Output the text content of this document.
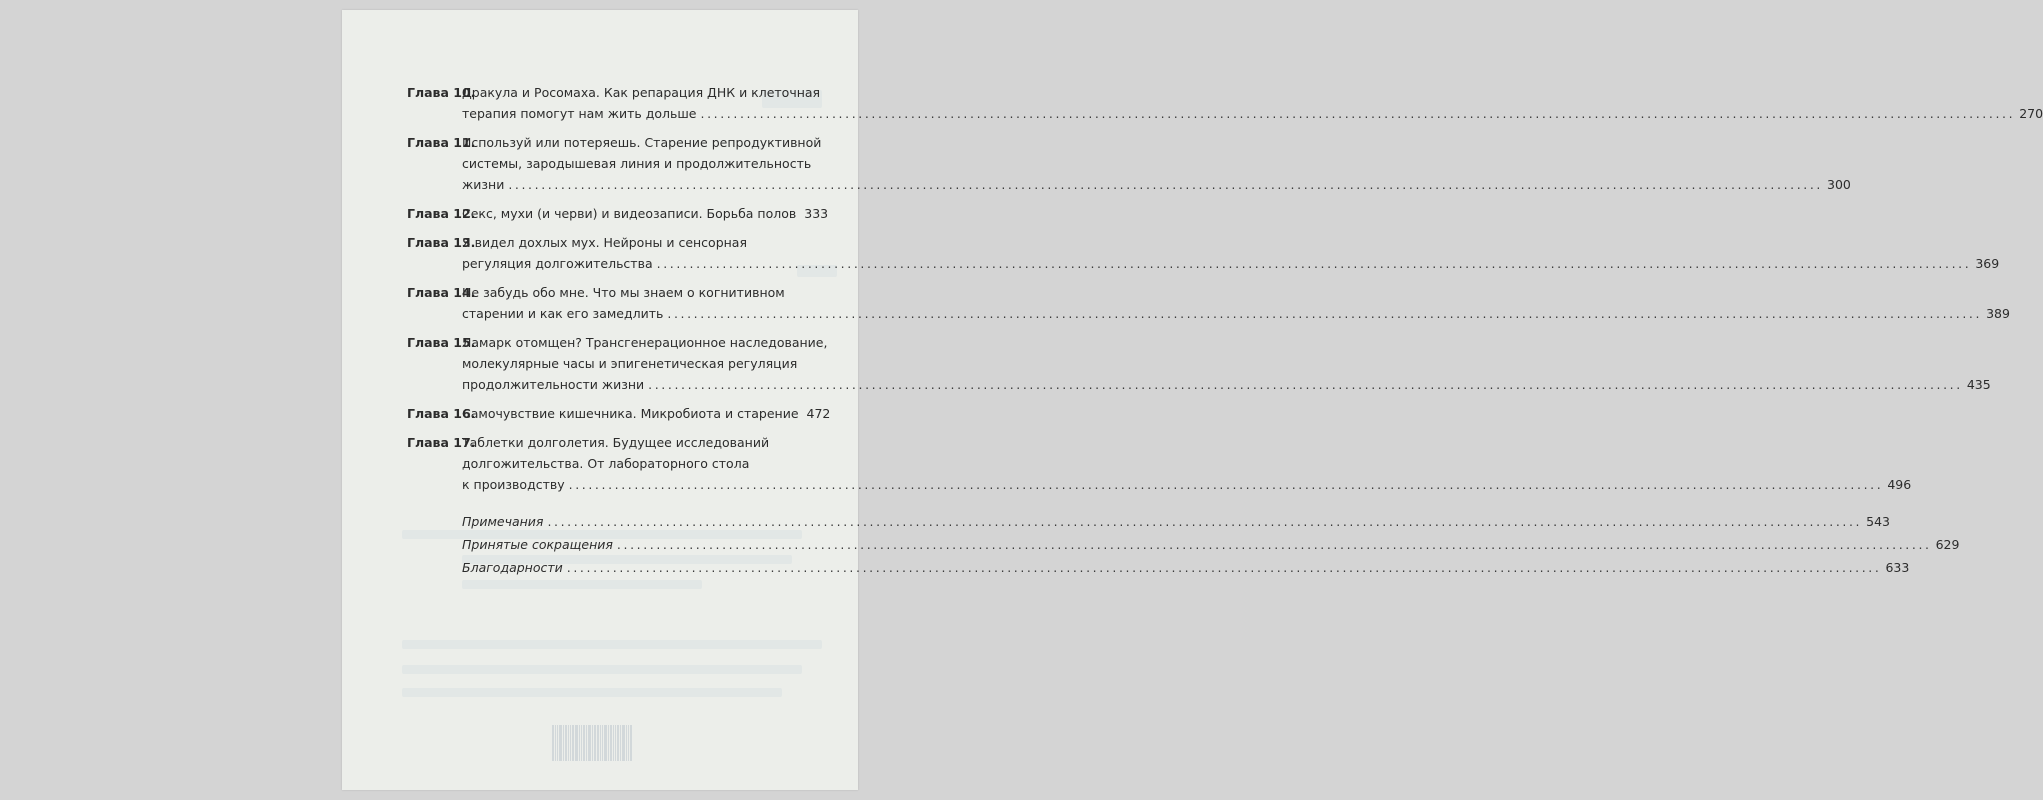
Глава 10.
Дракула и Росомаха. Как репарация ДНК и клеточная
терапия помогут нам жить дольше ........................................................................................................................................................................................................ 270
Глава 11.
Используй или потеряешь. Старение репродуктивной
системы, зародышевая линия и продолжительность
жизни ........................................................................................................................................................................................................ 300
Глава 12.
Секс, мухи (и черви) и видеозаписи. Борьба полов 333
Глава 13.
Я видел дохлых мух. Нейроны и сенсорная
регуляция долгожительства ........................................................................................................................................................................................................ 369
Глава 14.
Не забудь обо мне. Что мы знаем о когнитивном
старении и как его замедлить ........................................................................................................................................................................................................ 389
Глава 15.
Ламарк отомщен? Трансгенерационное наследование,
молекулярные часы и эпигенетическая регуляция
продолжительности жизни ........................................................................................................................................................................................................ 435
Глава 16.
Самочувствие кишечника. Микробиота и старение 472
Глава 17.
Таблетки долголетия. Будущее исследований
долгожительства. От лабораторного стола
к производству ........................................................................................................................................................................................................ 496
Примечания ........................................................................................................................................................................................................ 543
Принятые сокращения ........................................................................................................................................................................................................ 629
Благодарности ........................................................................................................................................................................................................ 633
